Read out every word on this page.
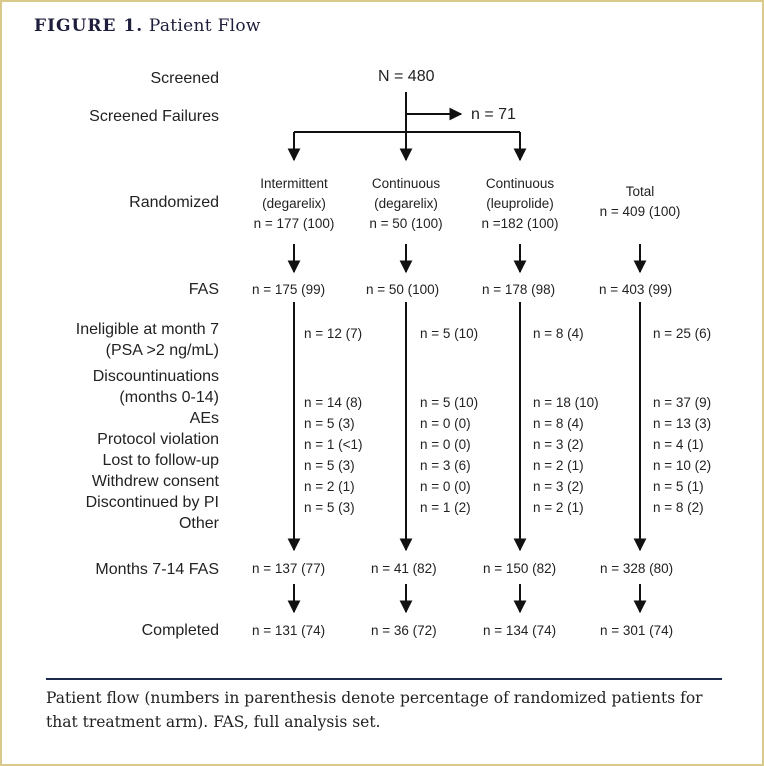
FIGURE 1. Patient Flow
Screened
Screened Failures
Randomized
FAS
Ineligible at month 7
(PSA >2 ng/mL)
Discountinuations
(months 0-14)
AEs
Protocol violation
Lost to follow-up
Withdrew consent
Discontinued by PI
Other
Months 7-14 FAS
Completed
N = 480
n = 71
Intermittent
(degarelix)
n = 177 (100)
n = 175 (99)
n = 12 (7)
n = 14 (8)
n = 5 (3)
n = 1 (<1)
n = 5 (3)
n = 2 (1)
n = 5 (3)
n = 137 (77)
n = 131 (74)
Continuous
(degarelix)
n = 50 (100)
n = 50 (100)
n = 5 (10)
n = 5 (10)
n = 0 (0)
n = 0 (0)
n = 3 (6)
n = 0 (0)
n = 1 (2)
n = 41 (82)
n = 36 (72)
Continuous
(leuprolide)
n =182 (100)
n = 178 (98)
n = 8 (4)
n = 18 (10)
n = 8 (4)
n = 3 (2)
n = 2 (1)
n = 3 (2)
n = 2 (1)
n = 150 (82)
n = 134 (74)
Total
n = 409 (100)
n = 403 (99)
n = 25 (6)
n = 37 (9)
n = 13 (3)
n = 4 (1)
n = 10 (2)
n = 5 (1)
n = 8 (2)
n = 328 (80)
n = 301 (74)
Patient flow (numbers in parenthesis denote percentage of randomized patients for that treatment arm). FAS, full analysis set.
